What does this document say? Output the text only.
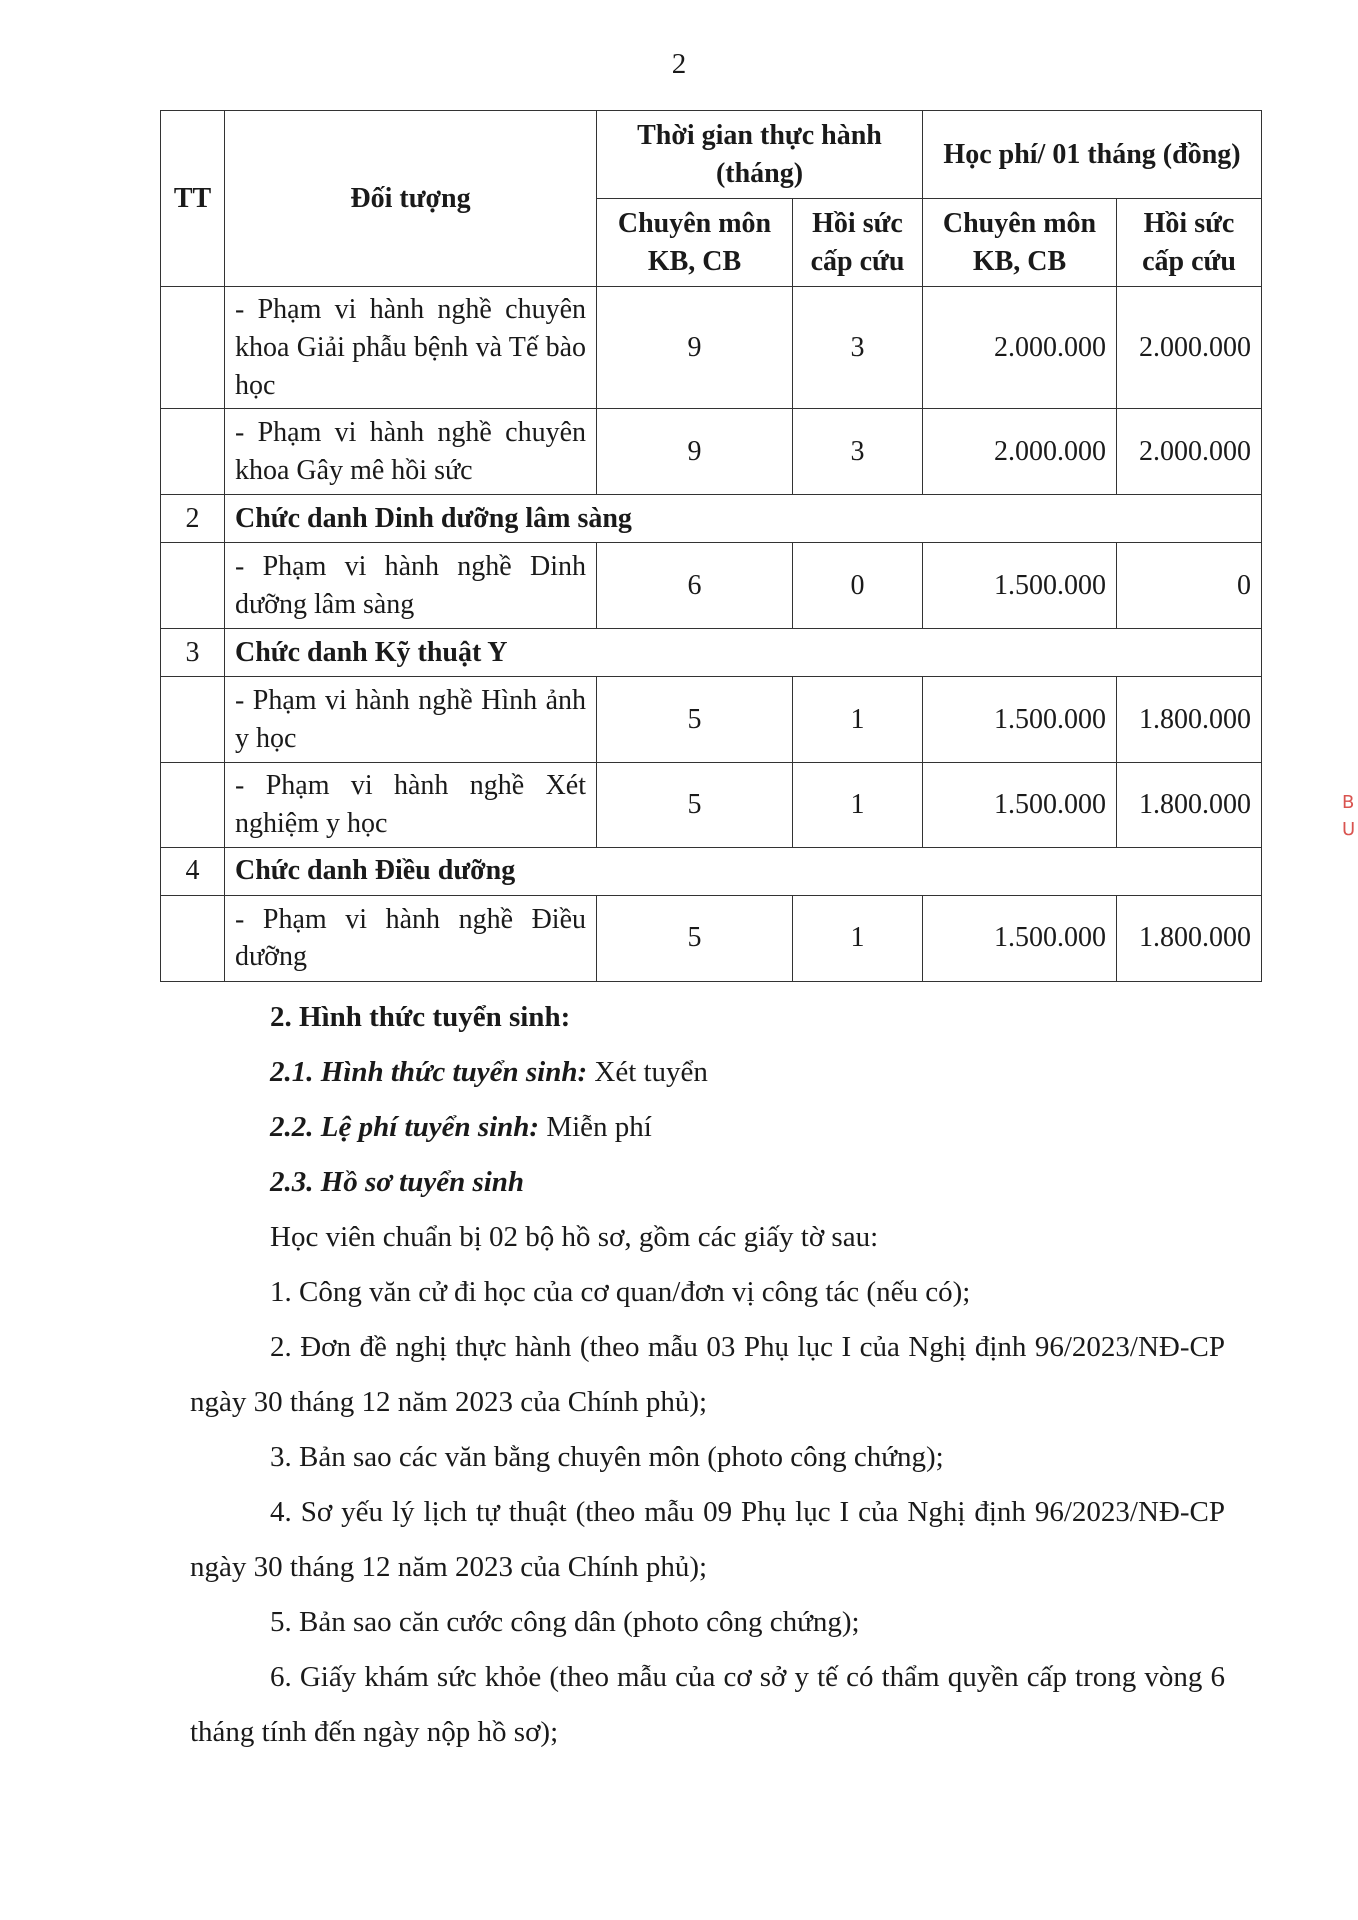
2
TT	Đối tượng	Thời gian thực hành (tháng)		Học phí/ 01 tháng (đồng)	
		Chuyên môn KB, CB	Hồi sức cấp cứu	Chuyên môn KB, CB	Hồi sức cấp cứu
	- Phạm vi hành nghề chuyên khoa Giải phẫu bệnh và Tế bào học	9	3	2.000.000	2.000.000
	- Phạm vi hành nghề chuyên khoa Gây mê hồi sức	9	3	2.000.000	2.000.000
2	Chức danh Dinh dưỡng lâm sàng				
	- Phạm vi hành nghề Dinh dưỡng lâm sàng	6	0	1.500.000	0
3	Chức danh Kỹ thuật Y				
	- Phạm vi hành nghề Hình ảnh y học	5	1	1.500.000	1.800.000
	- Phạm vi hành nghề Xét nghiệm y học	5	1	1.500.000	1.800.000
4	Chức danh Điều dưỡng				
	- Phạm vi hành nghề Điều dưỡng	5	1	1.500.000	1.800.000

2. Hình thức tuyển sinh:

2.1. Hình thức tuyển sinh: Xét tuyển

2.2. Lệ phí tuyển sinh: Miễn phí

2.3. Hồ sơ tuyển sinh

Học viên chuẩn bị 02 bộ hồ sơ, gồm các giấy tờ sau:

1. Công văn cử đi học của cơ quan/đơn vị công tác (nếu có);

2. Đơn đề nghị thực hành (theo mẫu 03 Phụ lục I của Nghị định 96/2023/NĐ-CP ngày 30 tháng 12 năm 2023 của Chính phủ);

3. Bản sao các văn bằng chuyên môn (photo công chứng);

4. Sơ yếu lý lịch tự thuật (theo mẫu 09 Phụ lục I của Nghị định 96/2023/NĐ-CP ngày 30 tháng 12 năm 2023 của Chính phủ);

5. Bản sao căn cước công dân (photo công chứng);

6. Giấy khám sức khỏe (theo mẫu của cơ sở y tế có thẩm quyền cấp trong vòng 6 tháng tính đến ngày nộp hồ sơ);

B
U
